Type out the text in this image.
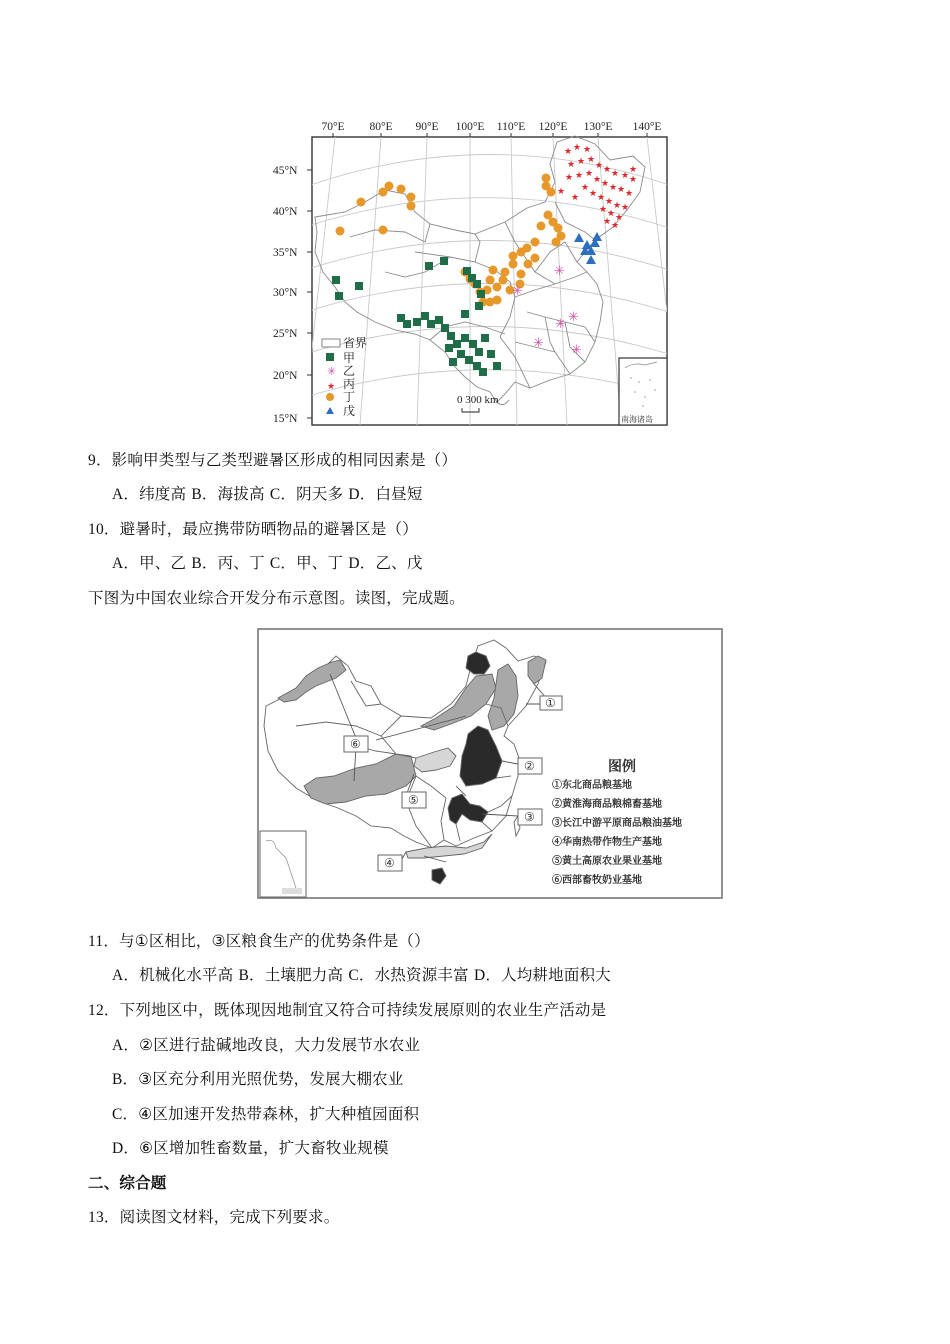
70°E 80°E 90°E 100°E 110°E 120°E 130°E 140°E
45°N
40°N
35°N
30°N
25°N
20°N
15°N
★ ★ ★
★ ★ ★
★ ★ ★ ★ ★
★ ★ ★
★ ★ ★ ★ ★
★
★ ★ ★ ★ ★
★ ★ ★
★ ★
★
★
★
✳
✳
✳
✳
✳ ✳
省界
✳
★
甲
乙
丙
丁
戊
0 300 km
南海诸岛
9．影响甲类型与乙类型避暑区形成的相同因素是（）
A．纬度高 B．海拔高 C．阴天多 D．白昼短
10．避暑时，最应携带防晒物品的避暑区是（）
A．甲、乙 B．丙、丁 C．甲、丁 D．乙、戊
下图为中国农业综合开发分布示意图。读图，完成题。
①
②
③
④
⑤
⑥
图例
①东北商品粮基地
②黄淮海商品粮棉畜基地
③长江中游平原商品粮油基地
④华南热带作物生产基地
⑤黄土高原农业果业基地
⑥西部畜牧奶业基地
11．与①区相比，③区粮食生产的优势条件是（）
A．机械化水平高 B．土壤肥力高 C．水热资源丰富 D．人均耕地面积大
12．下列地区中，既体现因地制宜又符合可持续发展原则的农业生产活动是
A．②区进行盐碱地改良，大力发展节水农业
B．③区充分利用光照优势，发展大棚农业
C．④区加速开发热带森林，扩大种植园面积
D．⑥区增加牲畜数量，扩大畜牧业规模
二、综合题
13．阅读图文材料，完成下列要求。
